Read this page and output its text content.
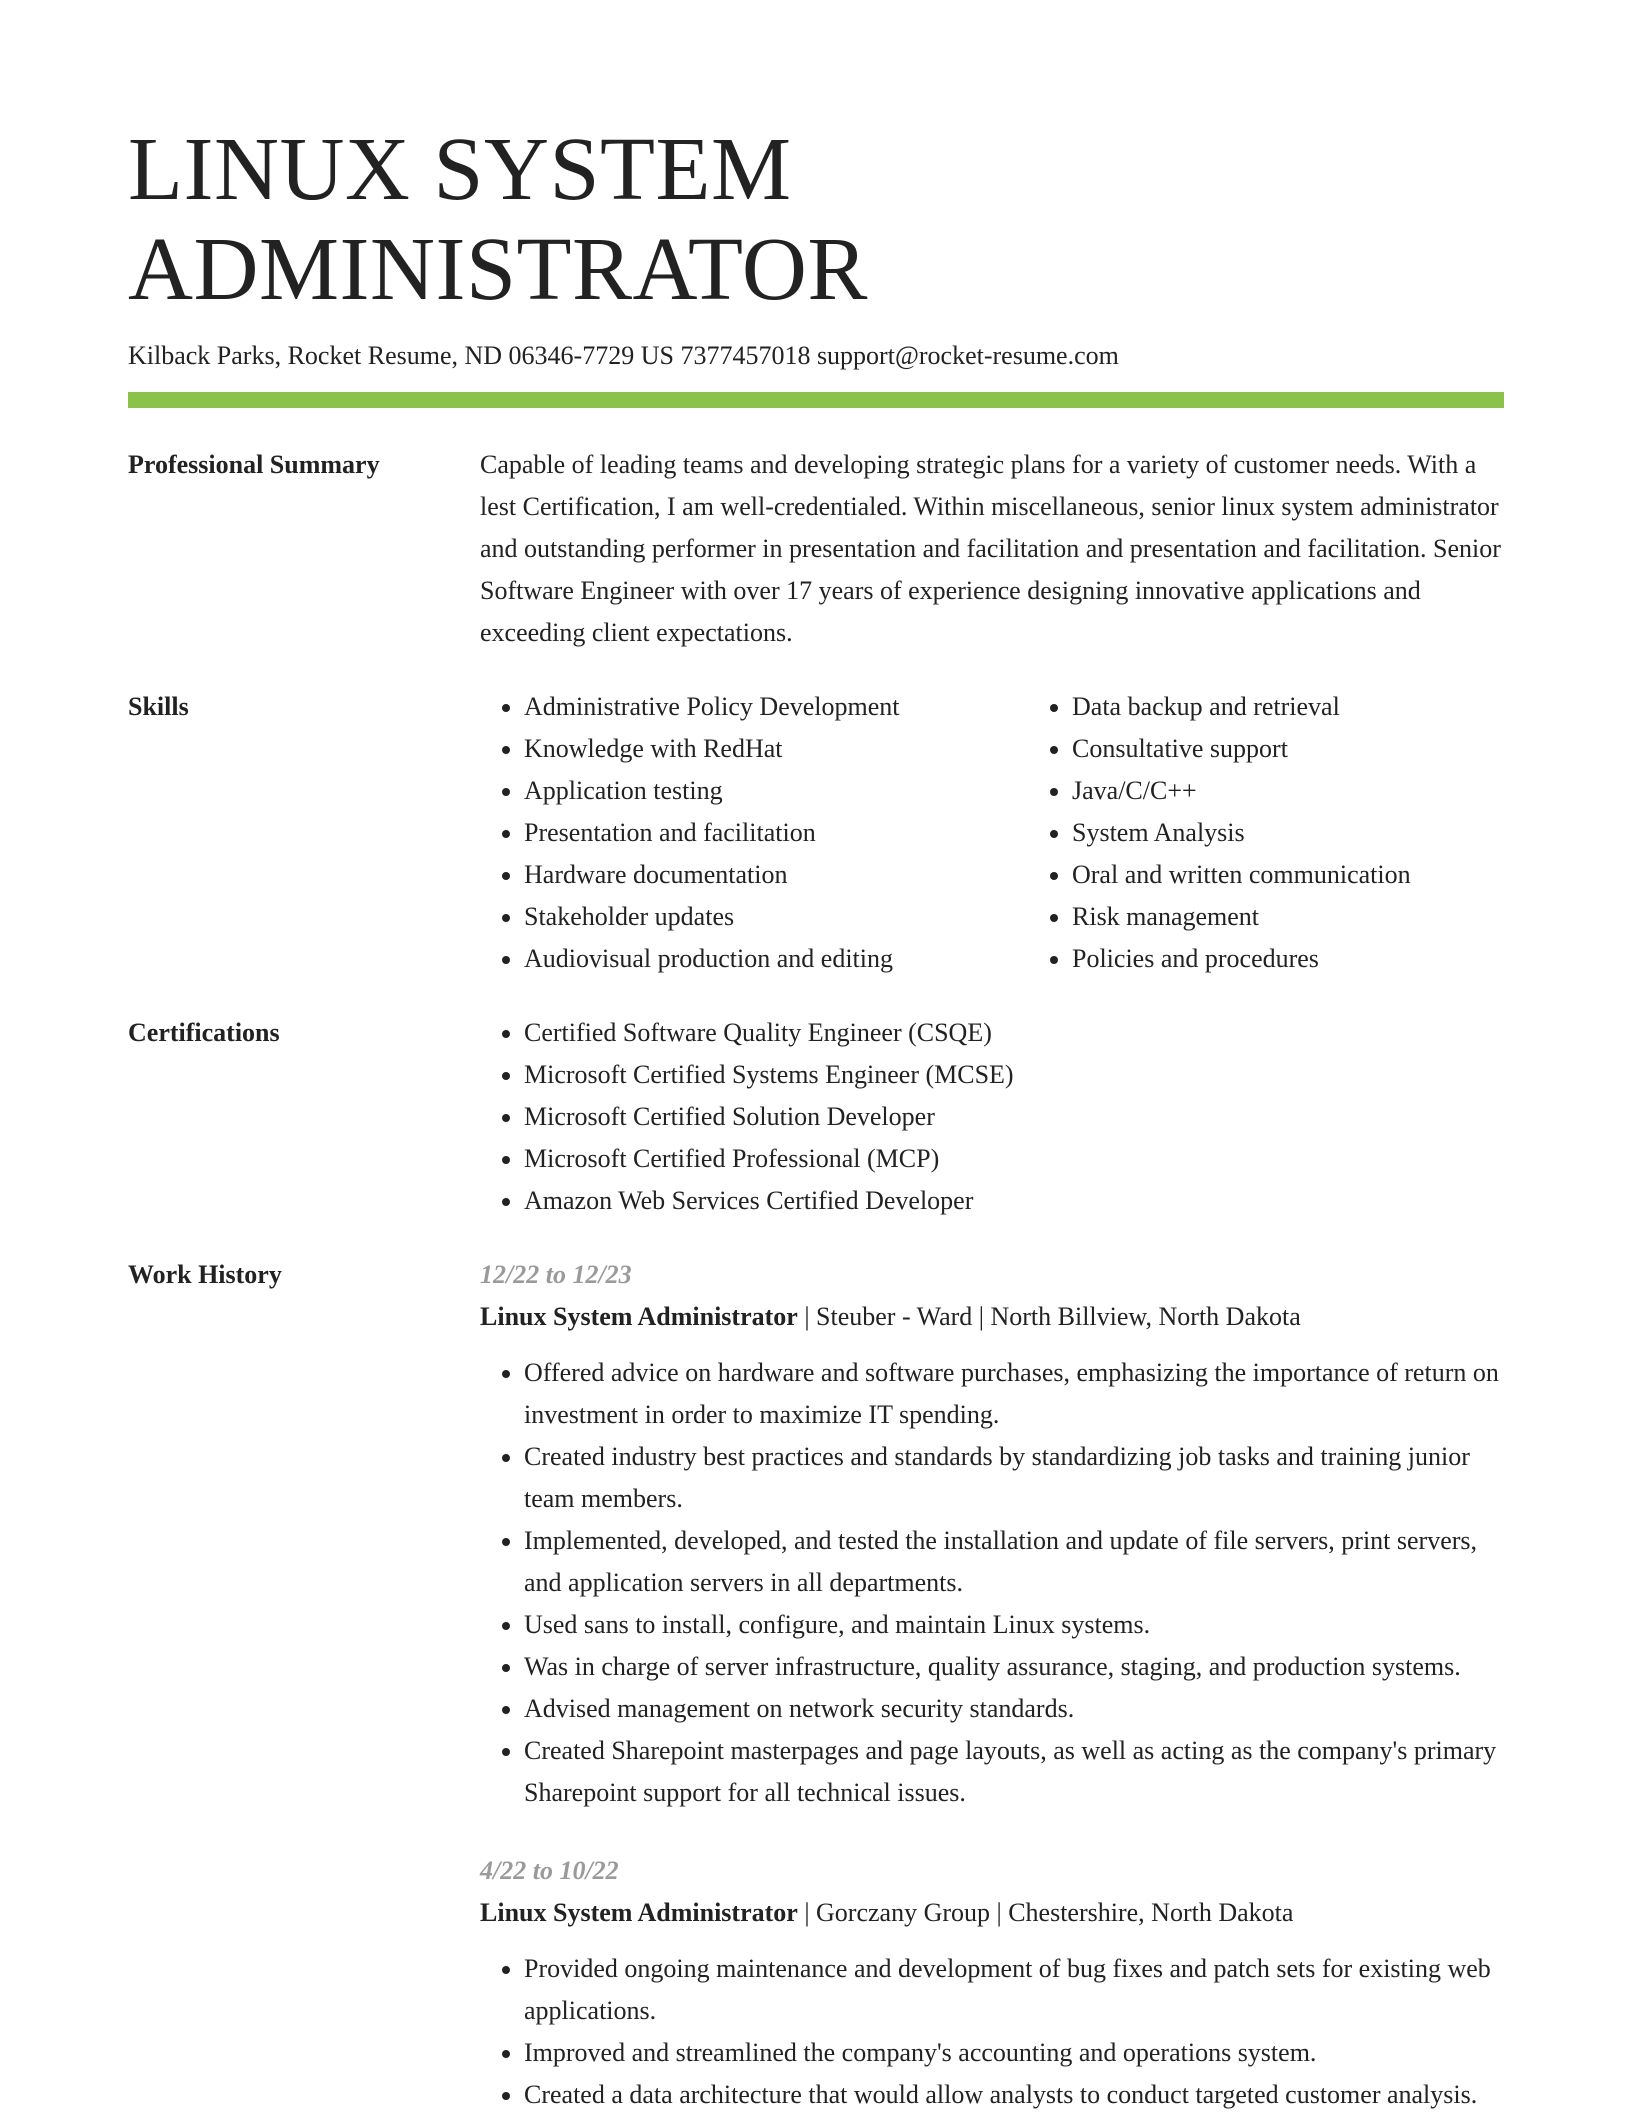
LINUX SYSTEM ADMINISTRATOR
Kilback Parks, Rocket Resume, ND 06346-7729 US 7377457018 support@rocket-resume.com
Professional Summary	Capable of leading teams and developing strategic plans for a variety of customer needs. With a lest Certification, I am well-credentialed. Within miscellaneous, senior linux system administrator and outstanding performer in presentation and facilitation and presentation and facilitation. Senior Software Engineer with over 17 years of experience designing innovative applications and exceeding client expectations.

Skills	• Administrative Policy Development
• Knowledge with RedHat
• Application testing
• Presentation and facilitation
• Hardware documentation
• Stakeholder updates
• Audiovisual production and editing
• Data backup and retrieval
• Consultative support
• Java/C/C++
• System Analysis
• Oral and written communication
• Risk management
• Policies and procedures
Certifications	• Certified Software Quality Engineer (CSQE)
• Microsoft Certified Systems Engineer (MCSE)
• Microsoft Certified Solution Developer
• Microsoft Certified Professional (MCP)
• Amazon Web Services Certified Developer
Work History	12/22 to 12/23
Linux System Administrator | Steuber - Ward | North Billview, North Dakota
• Offered advice on hardware and software purchases, emphasizing the importance of return on investment in order to maximize IT spending.
• Created industry best practices and standards by standardizing job tasks and training junior team members.
• Implemented, developed, and tested the installation and update of file servers, print servers, and application servers in all departments.
• Used sans to install, configure, and maintain Linux systems.
• Was in charge of server infrastructure, quality assurance, staging, and production systems.
• Advised management on network security standards.
• Created Sharepoint masterpages and page layouts, as well as acting as the company's primary Sharepoint support for all technical issues.
4/22 to 10/22
Linux System Administrator | Gorczany Group | Chestershire, North Dakota
• Provided ongoing maintenance and development of bug fixes and patch sets for existing web applications.
• Improved and streamlined the company's accounting and operations system.
• Created a data architecture that would allow analysts to conduct targeted customer analysis.
